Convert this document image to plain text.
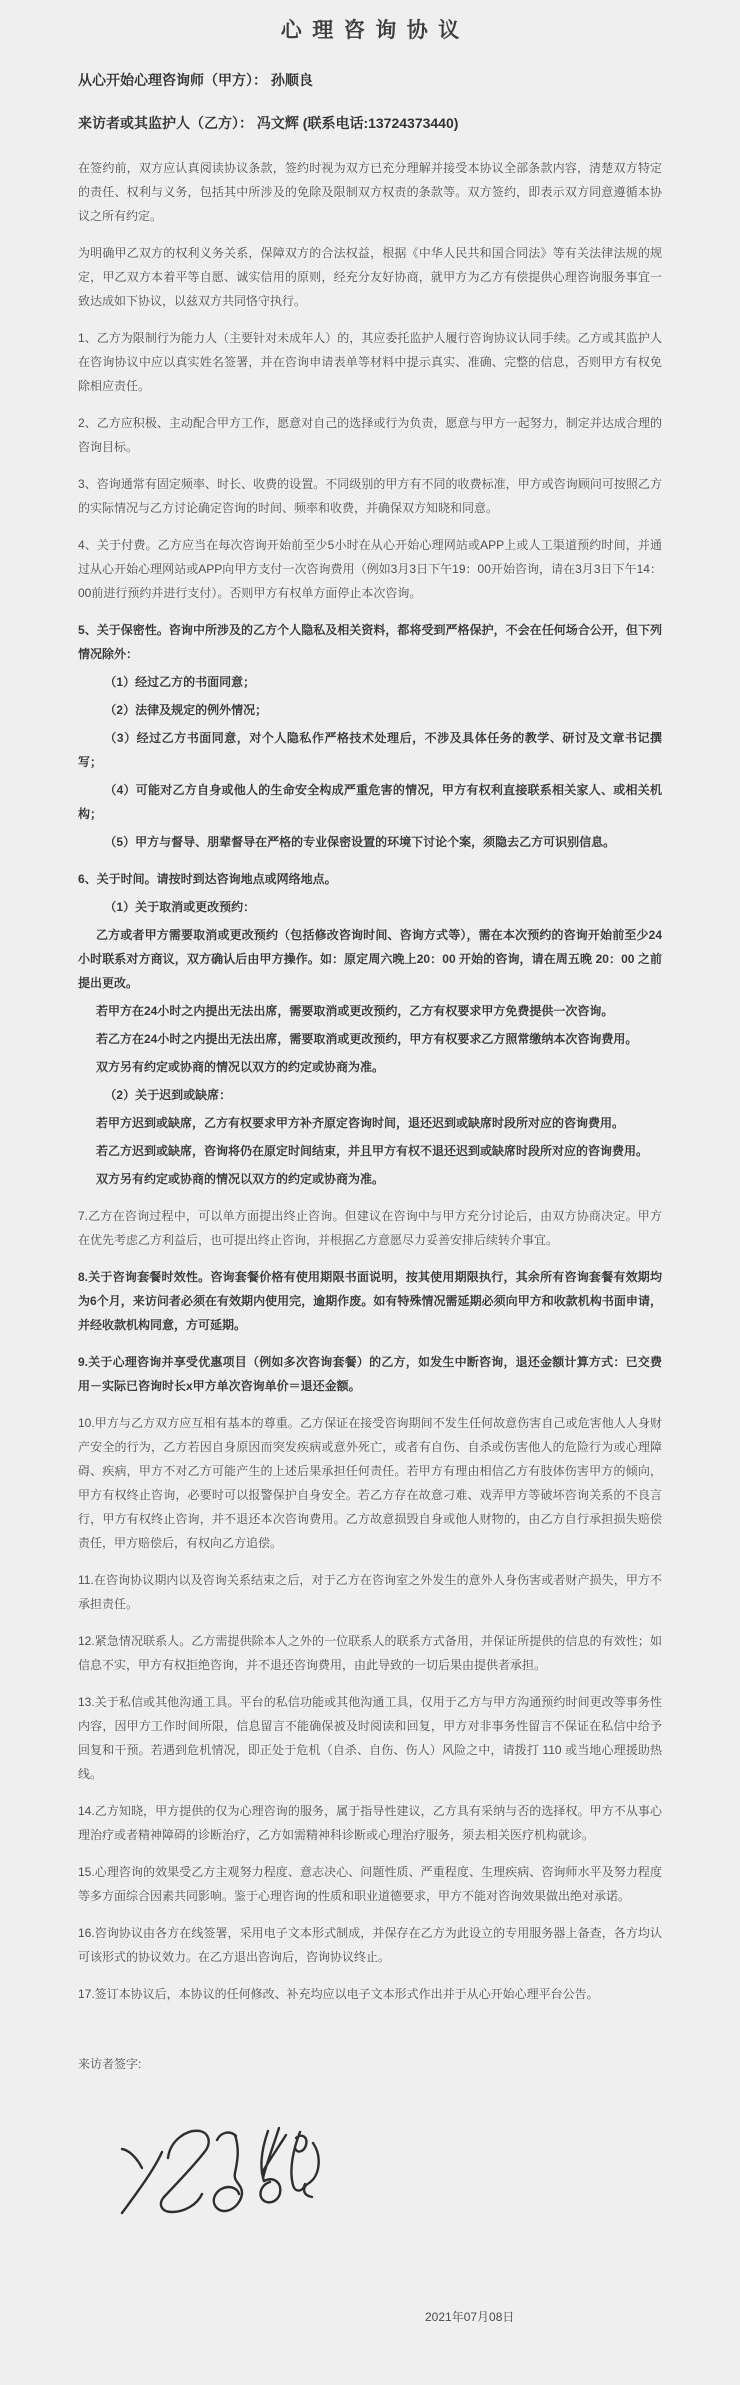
心理咨询协议

从心开始心理咨询师（甲方）： 孙顺良

来访者或其监护人（乙方）： 冯文辉 (联系电话:13724373440)

在签约前，双方应认真阅读协议条款，签约时视为双方已充分理解并接受本协议全部条款内容，清楚双方特定的责任、权利与义务，包括其中所涉及的免除及限制双方权责的条款等。双方签约，即表示双方同意遵循本协议之所有约定。

为明确甲乙双方的权利义务关系，保障双方的合法权益，根据《中华人民共和国合同法》等有关法律法规的规定，甲乙双方本着平等自愿、诚实信用的原则，经充分友好协商，就甲方为乙方有偿提供心理咨询服务事宜一致达成如下协议，以兹双方共同恪守执行。

1、乙方为限制行为能力人（主要针对未成年人）的，其应委托监护人履行咨询协议认同手续。乙方或其监护人在咨询协议中应以真实姓名签署，并在咨询申请表单等材料中提示真实、准确、完整的信息，否则甲方有权免除相应责任。

2、乙方应积极、主动配合甲方工作，愿意对自己的选择或行为负责，愿意与甲方一起努力，制定并达成合理的咨询目标。

3、咨询通常有固定频率、时长、收费的设置。不同级别的甲方有不同的收费标准，甲方或咨询顾问可按照乙方的实际情况与乙方讨论确定咨询的时间、频率和收费，并确保双方知晓和同意。

4、关于付费。乙方应当在每次咨询开始前至少5小时在从心开始心理网站或APP上或人工渠道预约时间，并通过从心开始心理网站或APP向甲方支付一次咨询费用（例如3月3日下午19：00开始咨询，请在3月3日下午14：00前进行预约并进行支付）。否则甲方有权单方面停止本次咨询。

5、关于保密性。咨询中所涉及的乙方个人隐私及相关资料，都将受到严格保护，不会在任何场合公开，但下列情况除外：

（1）经过乙方的书面同意；

（2）法律及规定的例外情况；

（3）经过乙方书面同意，对个人隐私作严格技术处理后，不涉及具体任务的教学、研讨及文章书记撰写；

（4）可能对乙方自身或他人的生命安全构成严重危害的情况，甲方有权利直接联系相关家人、或相关机构；

（5）甲方与督导、朋辈督导在严格的专业保密设置的环境下讨论个案，须隐去乙方可识别信息。

6、关于时间。请按时到达咨询地点或网络地点。

（1）关于取消或更改预约：

乙方或者甲方需要取消或更改预约（包括修改咨询时间、咨询方式等），需在本次预约的咨询开始前至少24小时联系对方商议，双方确认后由甲方操作。如：原定周六晚上20：00 开始的咨询，请在周五晚 20：00 之前提出更改。

若甲方在24小时之内提出无法出席，需要取消或更改预约，乙方有权要求甲方免费提供一次咨询。

若乙方在24小时之内提出无法出席，需要取消或更改预约，甲方有权要求乙方照常缴纳本次咨询费用。

双方另有约定或协商的情况以双方的约定或协商为准。

（2）关于迟到或缺席：

若甲方迟到或缺席，乙方有权要求甲方补齐原定咨询时间，退还迟到或缺席时段所对应的咨询费用。

若乙方迟到或缺席，咨询将仍在原定时间结束，并且甲方有权不退还迟到或缺席时段所对应的咨询费用。

双方另有约定或协商的情况以双方的约定或协商为准。

7.乙方在咨询过程中，可以单方面提出终止咨询。但建议在咨询中与甲方充分讨论后，由双方协商决定。甲方在优先考虑乙方利益后，也可提出终止咨询，并根据乙方意愿尽力妥善安排后续转介事宜。

8.关于咨询套餐时效性。咨询套餐价格有使用期限书面说明，按其使用期限执行，其余所有咨询套餐有效期均为6个月，来访问者必须在有效期内使用完，逾期作废。如有特殊情况需延期必须向甲方和收款机构书面申请，并经收款机构同意，方可延期。

9.关于心理咨询并享受优惠项目（例如多次咨询套餐）的乙方，如发生中断咨询，退还金额计算方式：已交费用－实际已咨询时长x甲方单次咨询单价＝退还金额。

10.甲方与乙方双方应互相有基本的尊重。乙方保证在接受咨询期间不发生任何故意伤害自己或危害他人人身财产安全的行为，乙方若因自身原因而突发疾病或意外死亡，或者有自伤、自杀或伤害他人的危险行为或心理障碍、疾病，甲方不对乙方可能产生的上述后果承担任何责任。若甲方有理由相信乙方有肢体伤害甲方的倾向，甲方有权终止咨询，必要时可以报警保护自身安全。若乙方存在故意刁难、戏弄甲方等破坏咨询关系的不良言行，甲方有权终止咨询，并不退还本次咨询费用。乙方故意损毁自身或他人财物的，由乙方自行承担损失赔偿责任，甲方赔偿后，有权向乙方追偿。

11.在咨询协议期内以及咨询关系结束之后，对于乙方在咨询室之外发生的意外人身伤害或者财产损失，甲方不承担责任。

12.紧急情况联系人。乙方需提供除本人之外的一位联系人的联系方式备用，并保证所提供的信息的有效性；如信息不实，甲方有权拒绝咨询，并不退还咨询费用，由此导致的一切后果由提供者承担。

13.关于私信或其他沟通工具。平台的私信功能或其他沟通工具，仅用于乙方与甲方沟通预约时间更改等事务性内容，因甲方工作时间所限，信息留言不能确保被及时阅读和回复，甲方对非事务性留言不保证在私信中给予回复和干预。若遇到危机情况，即正处于危机（自杀、自伤、伤人）风险之中，请拨打 110 或当地心理援助热线。

14.乙方知晓，甲方提供的仅为心理咨询的服务，属于指导性建议，乙方具有采纳与否的选择权。甲方不从事心理治疗或者精神障碍的诊断治疗，乙方如需精神科诊断或心理治疗服务，须去相关医疗机构就诊。

15.心理咨询的效果受乙方主观努力程度、意志决心、问题性质、严重程度、生理疾病、咨询师水平及努力程度等多方面综合因素共同影响。鉴于心理咨询的性质和职业道德要求，甲方不能对咨询效果做出绝对承诺。

16.咨询协议由各方在线签署，采用电子文本形式制成，并保存在乙方为此设立的专用服务器上备查，各方均认可该形式的协议效力。在乙方退出咨询后，咨询协议终止。

17.签订本协议后，本协议的任何修改、补充均应以电子文本形式作出并于从心开始心理平台公告。

来访者签字:

2021年07月08日
